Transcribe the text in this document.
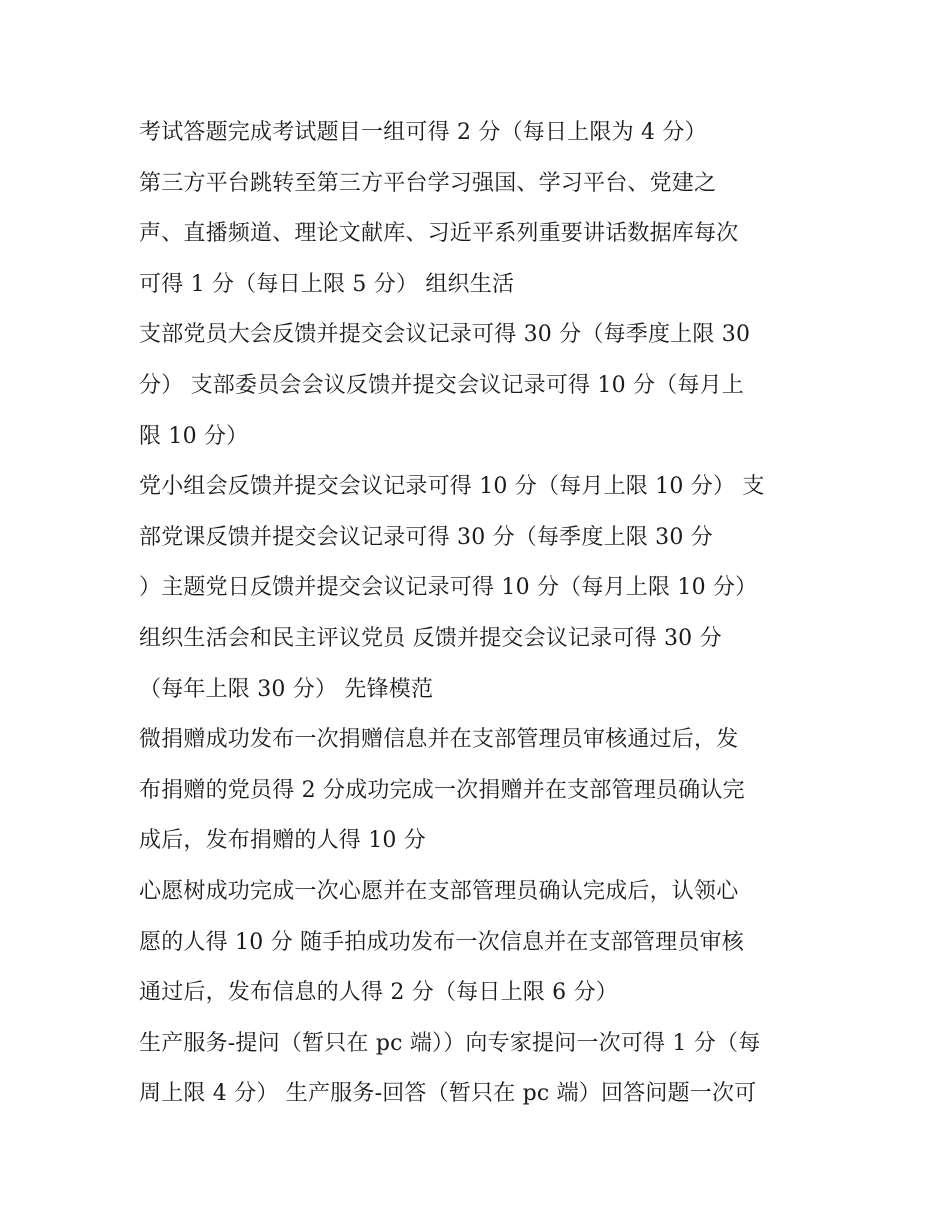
考试答题完成考试题目一组可得 2 分（每日上限为 4 分）
第三方平台跳转至第三方平台学习强国、学习平台、党建之
声、直播频道、理论文献库、习近平系列重要讲话数据库每次
可得 1 分（每日上限 5 分） 组织生活
支部党员大会反馈并提交会议记录可得 30 分（每季度上限 30
分） 支部委员会会议反馈并提交会议记录可得 10 分（每月上
限 10 分）
党小组会反馈并提交会议记录可得 10 分（每月上限 10 分） 支
部党课反馈并提交会议记录可得 30 分（每季度上限 30 分
）主题党日反馈并提交会议记录可得 10 分（每月上限 10 分）
组织生活会和民主评议党员 反馈并提交会议记录可得 30 分
（每年上限 30 分） 先锋模范
微捐赠成功发布一次捐赠信息并在支部管理员审核通过后，发
布捐赠的党员得 2 分成功完成一次捐赠并在支部管理员确认完
成后，发布捐赠的人得 10 分
心愿树成功完成一次心愿并在支部管理员确认完成后，认领心
愿的人得 10 分 随手拍成功发布一次信息并在支部管理员审核
通过后，发布信息的人得 2 分（每日上限 6 分）
生产服务-提问（暂只在 pc 端））向专家提问一次可得 1 分（每
周上限 4 分） 生产服务-回答（暂只在 pc 端）回答问题一次可
